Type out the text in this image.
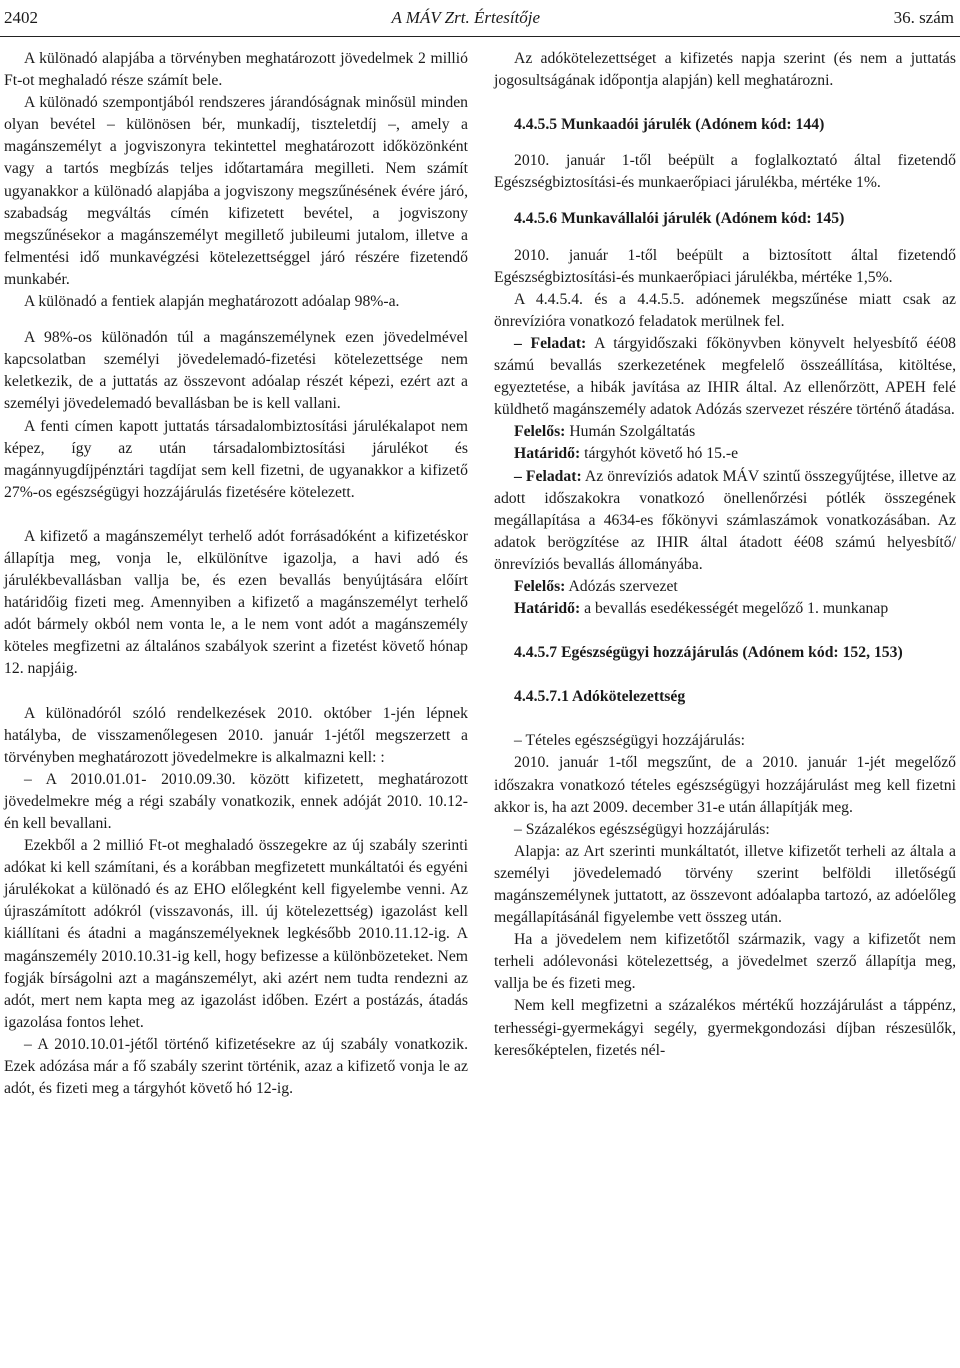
2402	A MÁV Zrt. Értesítője	36. szám

A különadó alapjába a törvényben meghatározott jövedelmek 2 millió Ft-ot meghaladó része számít bele.

A különadó szempontjából rendszeres járandóságnak minősül minden olyan bevétel – különösen bér, munkadíj, tiszteletdíj –, amely a magánszemélyt a jogviszonyra tekintettel meghatározott időközönként vagy a tartós megbízás teljes időtartamára megilleti. Nem számít ugyanakkor a különadó alapjába a jogviszony megszűnésének évére járó, szabadság megváltás címén kifizetett bevétel, a jogviszony megszűnésekor a magánszemélyt megillető jubileumi jutalom, illetve a felmentési idő munkavégzési kötelezettséggel járó részére fizetendő munkabér.

A különadó a fentiek alapján meghatározott adóalap 98%-a.

A 98%-os különadón túl a magánszemélynek ezen jövedelmével kapcsolatban személyi jövedelemadó-fizetési kötelezettsége nem keletkezik, de a juttatás az összevont adóalap részét képezi, ezért azt a személyi jövedelemadó bevallásban be is kell vallani.

A fenti címen kapott juttatás társadalombiztosítási járulékalapot nem képez, így az után társadalombiztosítási járulékot és magánnyugdíjpénztári tagdíjat sem kell fizetni, de ugyanakkor a kifizető 27%-os egészségügyi hozzájárulás fizetésére kötelezett.

A kifizető a magánszemélyt terhelő adót forrásadóként a kifizetéskor állapítja meg, vonja le, elkülönítve igazolja, a havi adó és járulékbevallásban vallja be, és ezen bevallás benyújtására előírt határidőig fizeti meg. Amennyiben a kifizető a magánszemélyt terhelő adót bármely okból nem vonta le, a le nem vont adót a magánszemély köteles megfizetni az általános szabályok szerint a fizetést követő hónap 12. napjáig.

A különadóról szóló rendelkezések 2010. október 1-jén lépnek hatályba, de visszamenőlegesen 2010. január 1-jétől megszerzett a törvényben meghatározott jövedelmekre is alkalmazni kell: :

– A 2010.01.01- 2010.09.30. között kifizetett, meghatározott jövedelmekre még a régi szabály vonatkozik, ennek adóját 2010. 10.12-én kell bevallani.

Ezekből a 2 millió Ft-ot meghaladó összegekre az új szabály szerinti adókat ki kell számítani, és a korábban megfizetett munkáltatói és egyéni járulékokat a különadó és az EHO előlegként kell figyelembe venni. Az újraszámított adókról (visszavonás, ill. új kötelezettség) igazolást kell kiállítani és átadni a magánszemélyeknek legkésőbb 2010.11.12-ig. A magánszemély 2010.10.31-ig kell, hogy befizesse a különbözeteket. Nem fogják bírságolni azt a magánszemélyt, aki azért nem tudta rendezni az adót, mert nem kapta meg az igazolást időben. Ezért a postázás, átadás igazolása fontos lehet.

– A 2010.10.01-jétől történő kifizetésekre az új szabály vonatkozik. Ezek adózása már a fő szabály szerint történik, azaz a kifizető vonja le az adót, és fizeti meg a tárgyhót követő hó 12-ig.

Az adókötelezettséget a kifizetés napja szerint (és nem a juttatás jogosultságának időpontja alapján) kell meghatározni.

4.4.5.5 Munkaadói járulék (Adónem kód: 144)

2010. január 1-től beépült a foglalkoztató által fizetendő Egészségbiztosítási-és munkaerőpiaci járulékba, mértéke 1%.

4.4.5.6 Munkavállalói járulék (Adónem kód: 145)

2010. január 1-től beépült a biztosított által fizetendő Egészségbiztosítási-és munkaerőpiaci járulékba, mértéke 1,5%.

A 4.4.5.4. és a 4.4.5.5. adónemek megszűnése miatt csak az önrevízióra vonatkozó feladatok merülnek fel.

– Feladat: A tárgyidőszaki főkönyvben könyvelt helyesbítő éé08 számú bevallás szerkezetének megfelelő összeállítása, kitöltése, egyeztetése, a hibák javítása az IHIR által. Az ellenőrzött, APEH felé küldhető magánszemély adatok Adózás szervezet részére történő átadása.

Felelős: Humán Szolgáltatás

Határidő: tárgyhót követő hó 15.-e

– Feladat: Az önrevíziós adatok MÁV szintű összegyűjtése, illetve az adott időszakokra vonatkozó önellenőrzési pótlék összegének megállapítása a 4634-es főkönyvi számlaszámok vonatkozásában. Az adatok berögzítése az IHIR által átadott éé08 számú helyesbítő/önrevíziós bevallás állományába.

Felelős: Adózás szervezet

Határidő: a bevallás esedékességét megelőző 1. munkanap

4.4.5.7 Egészségügyi hozzájárulás (Adónem kód: 152, 153)

4.4.5.7.1 Adókötelezettség

– Tételes egészségügyi hozzájárulás:

2010. január 1-től megszűnt, de a 2010. január 1-jét megelőző időszakra vonatkozó tételes egészségügyi hozzájárulást meg kell fizetni akkor is, ha azt 2009. december 31-e után állapítják meg.

– Százalékos egészségügyi hozzájárulás:

Alapja: az Art szerinti munkáltatót, illetve kifizetőt terheli az általa a személyi jövedelemadó törvény szerint belföldi illetőségű magánszemélynek juttatott, az összevont adóalapba tartozó, az adóelőleg megállapításánál figyelembe vett összeg után.

Ha a jövedelem nem kifizetőtől származik, vagy a kifizetőt nem terheli adólevonási kötelezettség, a jövedelmet szerző állapítja meg, vallja be és fizeti meg.

Nem kell megfizetni a százalékos mértékű hozzájárulást a táppénz, terhességi-gyermekágyi segély, gyermekgondozási díjban részesülők, keresőképtelen, fizetés nél-
